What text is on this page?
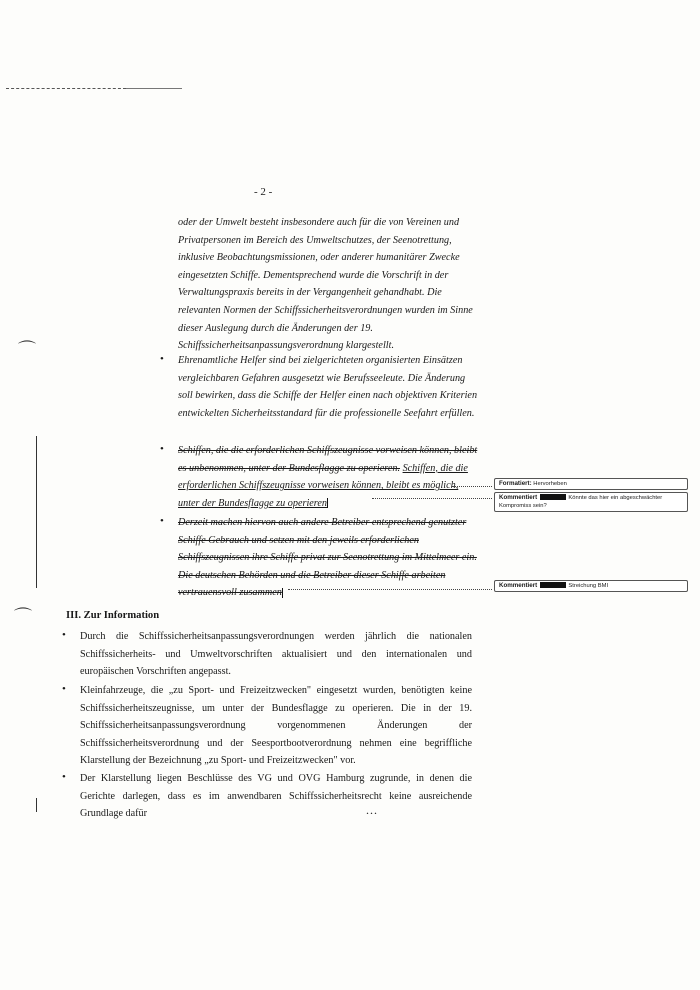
- 2 -
oder der Umwelt besteht insbesondere auch für die von Vereinen und Privatpersonen im Bereich des Umweltschutzes, der Seenotrettung, inklusive Beobachtungsmissionen, oder anderer humanitärer Zwecke eingesetzten Schiffe. Dementsprechend wurde die Vorschrift in der Verwaltungspraxis bereits in der Vergangenheit gehandhabt. Die relevanten Normen der Schiffssicherheitsverordnungen wurden im Sinne dieser Auslegung durch die Änderungen der 19. Schiffssicherheitsanpassungsverordnung klargestellt.
• Ehrenamtliche Helfer sind bei zielgerichteten organisierten Einsätzen vergleichbaren Gefahren ausgesetzt wie Berufsseeleute. Die Änderung soll bewirken, dass die Schiffe der Helfer einen nach objektiven Kriterien entwickelten Sicherheitsstandard für die professionelle Seefahrt erfüllen.
• Schiffen, die die erforderlichen Schiffszeugnisse vorweisen können, bleibt es unbenommen, unter der Bundesflagge zu operieren. Schiffen, die die erforderlichen Schiffszeugnisse vorweisen können, bleibt es möglich, unter der Bundesflagge zu operieren
• Derzeit machen hiervon auch andere Betreiber entsprechend genutzter Schiffe Gebrauch und setzen mit den jeweils erforderlichen Schiffszeugnissen ihre Schiffe privat zur Seenotrettung im Mittelmeer ein. Die deutschen Behörden und die Betreiber dieser Schiffe arbeiten vertrauensvoll zusammen
Formatiert: Hervorheben
Kommentiert	Könnte das hier ein abgeschwächter Kompromiss sein?
Kommentiert	Streichung BMI
⌒
⌒	III. Zur Information
• Durch die Schiffssicherheitsanpassungsverordnungen werden jährlich die nationalen Schiffssicherheits- und Umweltvorschriften aktualisiert und den internationalen und europäischen Vorschriften angepasst.
• Kleinfahrzeuge, die „zu Sport- und Freizeitzwecken" eingesetzt wurden, benötigten keine Schiffssicherheitszeugnisse, um unter der Bundesflagge zu operieren. Die in der 19. Schiffssicherheitsanpassungsverordnung vorgenommenen Änderungen der Schiffssicherheitsverordnung und der Seesportbootverordnung nehmen eine begriffliche Klarstellung der Bezeichnung „zu Sport- und Freizeitzwecken" vor.
• Der Klarstellung liegen Beschlüsse des VG und OVG Hamburg zugrunde, in denen die Gerichte darlegen, dass es im anwendbaren Schiffssicherheitsrecht keine ausreichende Grundlage dafür	...
